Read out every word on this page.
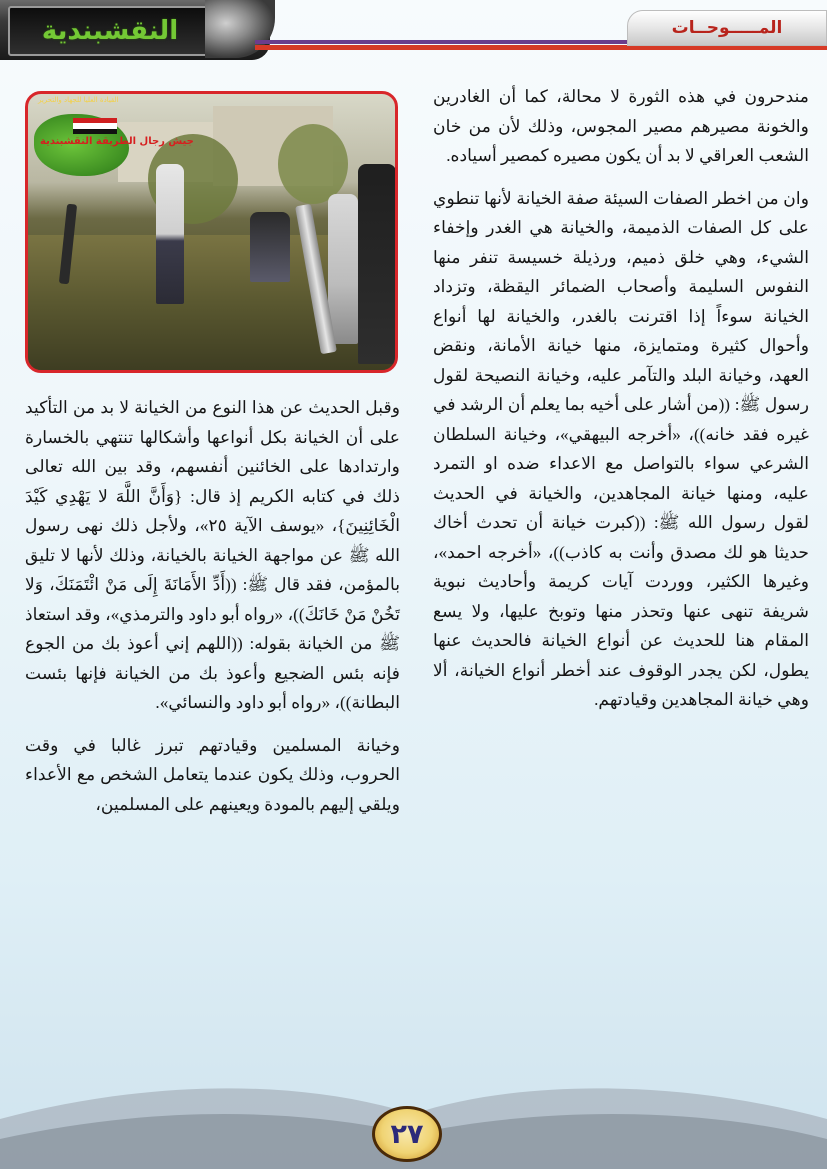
النقشبندية	المـــــوحــات

مندحرون في هذه الثورة لا محالة، كما أن الغادرين والخونة مصيرهم مصير المجوس، وذلك لأن من خان الشعب العراقي لا بد أن يكون مصيره كمصير أسياده.

وان من اخطر الصفات السيئة صفة الخيانة لأنها تنطوي على كل الصفات الذميمة، والخيانة هي الغدر وإخفاء الشيء، وهي خلق ذميم، ورذيلة خسيسة تنفر منها النفوس السليمة وأصحاب الضمائر اليقظة، وتزداد الخيانة سوءاً إذا اقترنت بالغدر، والخيانة لها أنواع وأحوال كثيرة ومتمايزة، منها خيانة الأمانة، ونقض العهد، وخيانة البلد والتآمر عليه، وخيانة النصيحة لقول رسول ﷺ: ((من أشار على أخيه بما يعلم أن الرشد في غيره فقد خانه))، «أخرجه البيهقي»، وخيانة السلطان الشرعي سواء بالتواصل مع الاعداء ضده او التمرد عليه، ومنها خيانة المجاهدين، والخيانة في الحديث لقول رسول الله ﷺ: ((كبرت خيانة أن تحدث أخاك حديثا هو لك مصدق وأنت به كاذب))، «أخرجه احمد»، وغيرها الكثير، ووردت آيات كريمة وأحاديث نبوية شريفة تنهى عنها وتحذر منها وتوبخ عليها، ولا يسع المقام هنا للحديث عن أنواع الخيانة فالحديث عنها يطول، لكن يجدر الوقوف عند أخطر أنواع الخيانة، ألا وهي خيانة المجاهدين وقيادتهم.

القيادة العليا للجهاد والتحرير
جيش رجال الطريقة النقشبندية

وقبل الحديث عن هذا النوع من الخيانة لا بد من التأكيد على أن الخيانة بكل أنواعها وأشكالها تنتهي بالخسارة وارتدادها على الخائنين أنفسهم، وقد بين الله تعالى ذلك في كتابه الكريم إذ قال: {وَأَنَّ اللَّهَ لا يَهْدِي كَيْدَ الْخَائِنِينَ}، «يوسف الآية ٢٥»، ولأجل ذلك نهى رسول الله ﷺ عن مواجهة الخيانة بالخيانة، وذلك لأنها لا تليق بالمؤمن، فقد قال ﷺ: ((أَدِّ الأَمَانَةَ إِلَى مَنْ ائْتَمَنَكَ، وَلا تَخُنْ مَنْ خَانَكَ))، «رواه أبو داود والترمذي»، وقد استعاذ ﷺ من الخيانة بقوله: ((اللهم إني أعوذ بك من الجوع فإنه بئس الضجيع وأعوذ بك من الخيانة فإنها بئست البطانة))، «رواه أبو داود والنسائي».

وخيانة المسلمين وقيادتهم تبرز غالبا في وقت الحروب، وذلك يكون عندما يتعامل الشخص مع الأعداء ويلقي إليهم بالمودة ويعينهم على المسلمين،

٢٧
